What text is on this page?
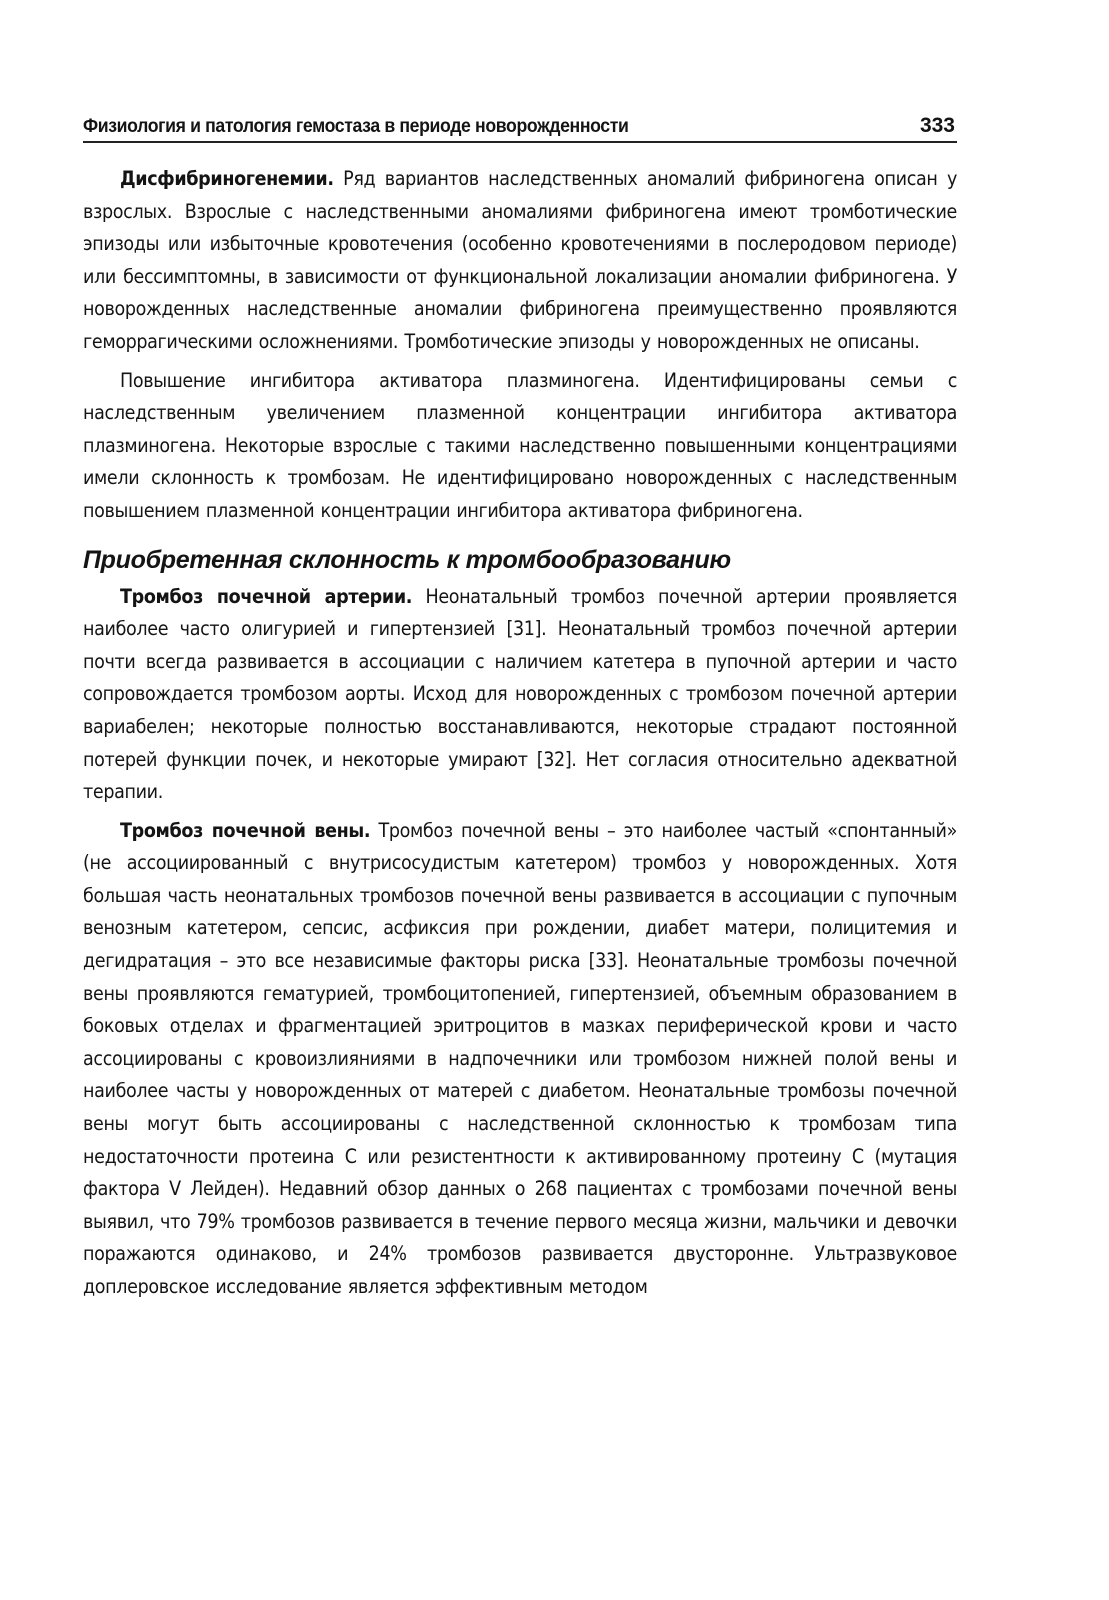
Физиология и патология гемостаза в периоде новорожденности	333

Дисфибриногенемии. Ряд вариантов наследственных аномалий фибриногена описан у взрослых. Взрослые с наследственными аномалиями фибриногена имеют тромботические эпизоды или избыточные кровотечения (особенно кровотечениями в послеродовом периоде) или бессимптомны, в зависимости от функциональной локализации аномалии фибриногена. У новорожденных наследственные аномалии фибриногена преимущественно проявляются геморрагическими осложнениями. Тромботические эпизоды у новорожденных не описаны.

Повышение ингибитора активатора плазминогена. Идентифицированы семьи с наследственным увеличением плазменной концентрации ингибитора активатора плазминогена. Некоторые взрослые с такими наследственно повышенными концентрациями имели склонность к тромбозам. Не идентифицировано новорожденных с наследственным повышением плазменной концентрации ингибитора активатора фибриногена.

Приобретенная склонность к тромбообразованию

Тромбоз почечной артерии. Неонатальный тромбоз почечной артерии проявляется наиболее часто олигурией и гипертензией [31]. Неонатальный тромбоз почечной артерии почти всегда развивается в ассоциации с наличием катетера в пупочной артерии и часто сопровождается тромбозом аорты. Исход для новорожденных с тромбозом почечной артерии вариабелен; некоторые полностью восстанавливаются, некоторые страдают постоянной потерей функции почек, и некоторые умирают [32]. Нет согласия относительно адекватной терапии.

Тромбоз почечной вены. Тромбоз почечной вены – это наиболее частый «спонтанный» (не ассоциированный с внутрисосудистым катетером) тромбоз у новорожденных. Хотя большая часть неонатальных тромбозов почечной вены развивается в ассоциации с пупочным венозным катетером, сепсис, асфиксия при рождении, диабет матери, полицитемия и дегидратация – это все независимые факторы риска [33]. Неонатальные тромбозы почечной вены проявляются гематурией, тромбоцитопенией, гипертензией, объемным образованием в боковых отделах и фрагментацией эритроцитов в мазках периферической крови и часто ассоциированы с кровоизлияниями в надпочечники или тромбозом нижней полой вены и наиболее часты у новорожденных от матерей с диабетом. Неонатальные тромбозы почечной вены могут быть ассоциированы с наследственной склонностью к тромбозам типа недостаточности протеина С или резистентности к активированному протеину С (мутация фактора V Лейден). Недавний обзор данных о 268 пациентах с тромбозами почечной вены выявил, что 79% тромбозов развивается в течение первого месяца жизни, мальчики и девочки поражаются одинаково, и 24% тромбозов развивается двусторонне. Ультразвуковое доплеровское исследование является эффективным методом
